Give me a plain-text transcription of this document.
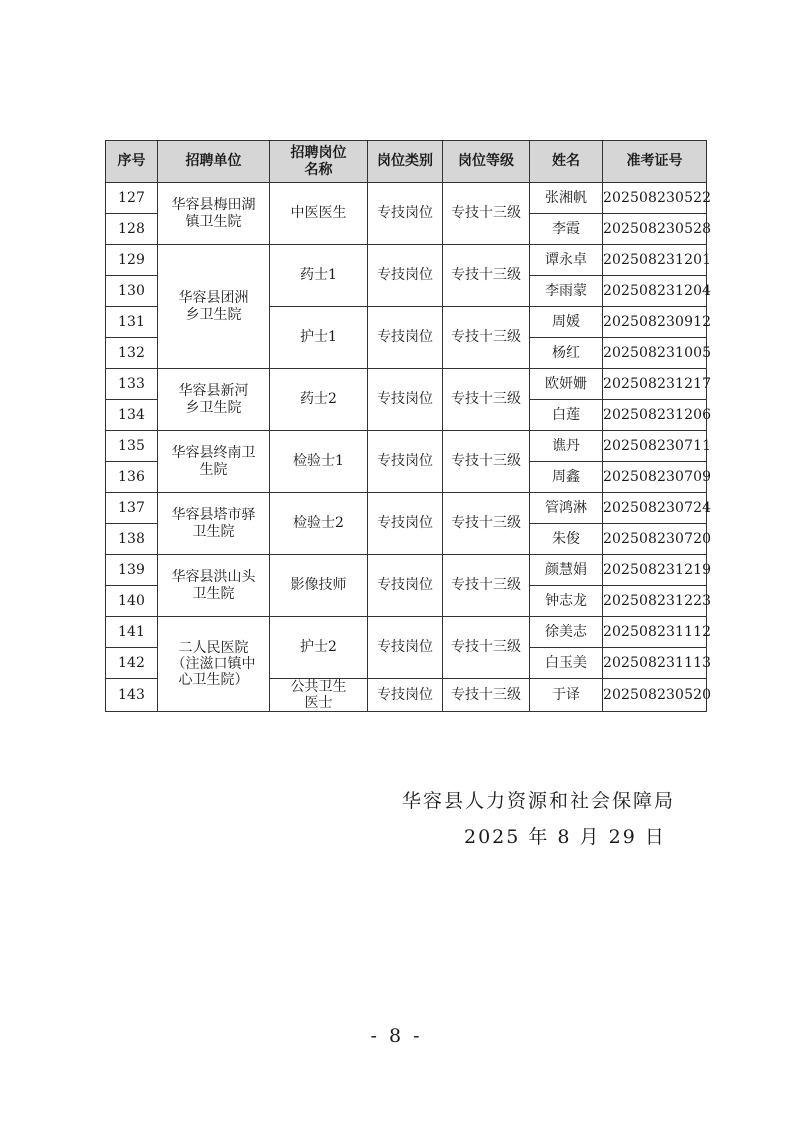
序号	招聘单位	招聘岗位名称	岗位类别	岗位等级	姓名	准考证号
127	华容县梅田湖镇卫生院	中医医生	专技岗位	专技十三级	张湘帆	202508230522
128					李霞	202508230528
129	华容县团洲乡卫生院	药士1	专技岗位	专技十三级	谭永卓	202508231201
130					李雨蒙	202508231204
131		护士1	专技岗位	专技十三级	周媛	202508230912
132					杨红	202508231005
133	华容县新河乡卫生院	药士2	专技岗位	专技十三级	欧妍姗	202508231217
134					白莲	202508231206
135	华容县终南卫生院	检验士1	专技岗位	专技十三级	谯丹	202508230711
136					周鑫	202508230709
137	华容县塔市驿卫生院	检验士2	专技岗位	专技十三级	管鸿淋	202508230724
138					朱俊	202508230720
139	华容县洪山头卫生院	影像技师	专技岗位	专技十三级	颜慧娟	202508231219
140					钟志龙	202508231223
141	二人民医院（注滋口镇中心卫生院）	护士2	专技岗位	专技十三级	徐美志	202508231112
142					白玉美	202508231113
143		公共卫生医士	专技岗位	专技十三级	于译	202508230520
华容县人力资源和社会保障局
2025 年 8 月 29 日
- 8 -
